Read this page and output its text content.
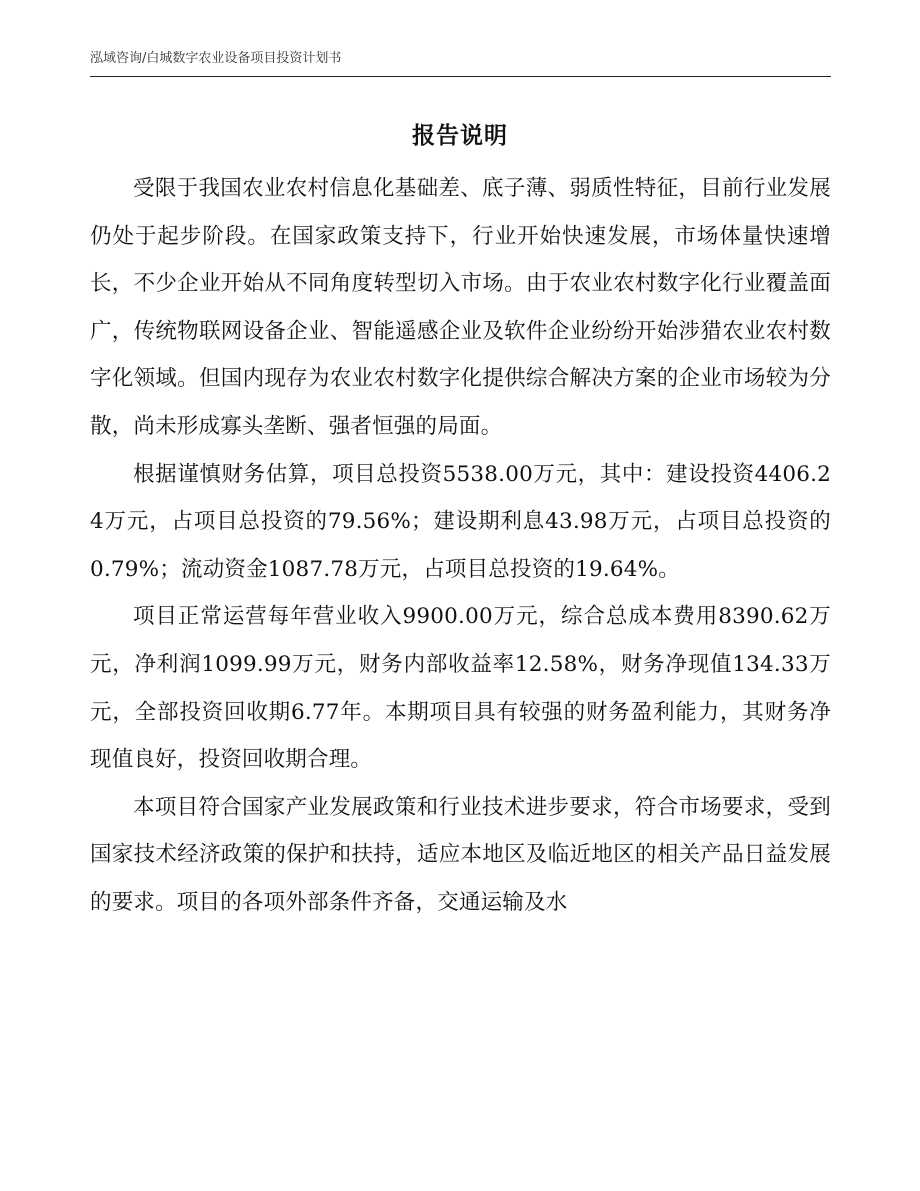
泓域咨询/白城数字农业设备项目投资计划书
报告说明

受限于我国农业农村信息化基础差、底子薄、弱质性特征，目前行业发展仍处于起步阶段。在国家政策支持下，行业开始快速发展，市场体量快速增长，不少企业开始从不同角度转型切入市场。由于农业农村数字化行业覆盖面广，传统物联网设备企业、智能遥感企业及软件企业纷纷开始涉猎农业农村数字化领域。但国内现存为农业农村数字化提供综合解决方案的企业市场较为分散，尚未形成寡头垄断、强者恒强的局面。

根据谨慎财务估算，项目总投资5538.00万元，其中：建设投资4406.24万元，占项目总投资的79.56%；建设期利息43.98万元，占项目总投资的0.79%；流动资金1087.78万元，占项目总投资的19.64%。

项目正常运营每年营业收入9900.00万元，综合总成本费用8390.62万元，净利润1099.99万元，财务内部收益率12.58%，财务净现值134.33万元，全部投资回收期6.77年。本期项目具有较强的财务盈利能力，其财务净现值良好，投资回收期合理。

本项目符合国家产业发展政策和行业技术进步要求，符合市场要求，受到国家技术经济政策的保护和扶持，适应本地区及临近地区的相关产品日益发展的要求。项目的各项外部条件齐备，交通运输及水
